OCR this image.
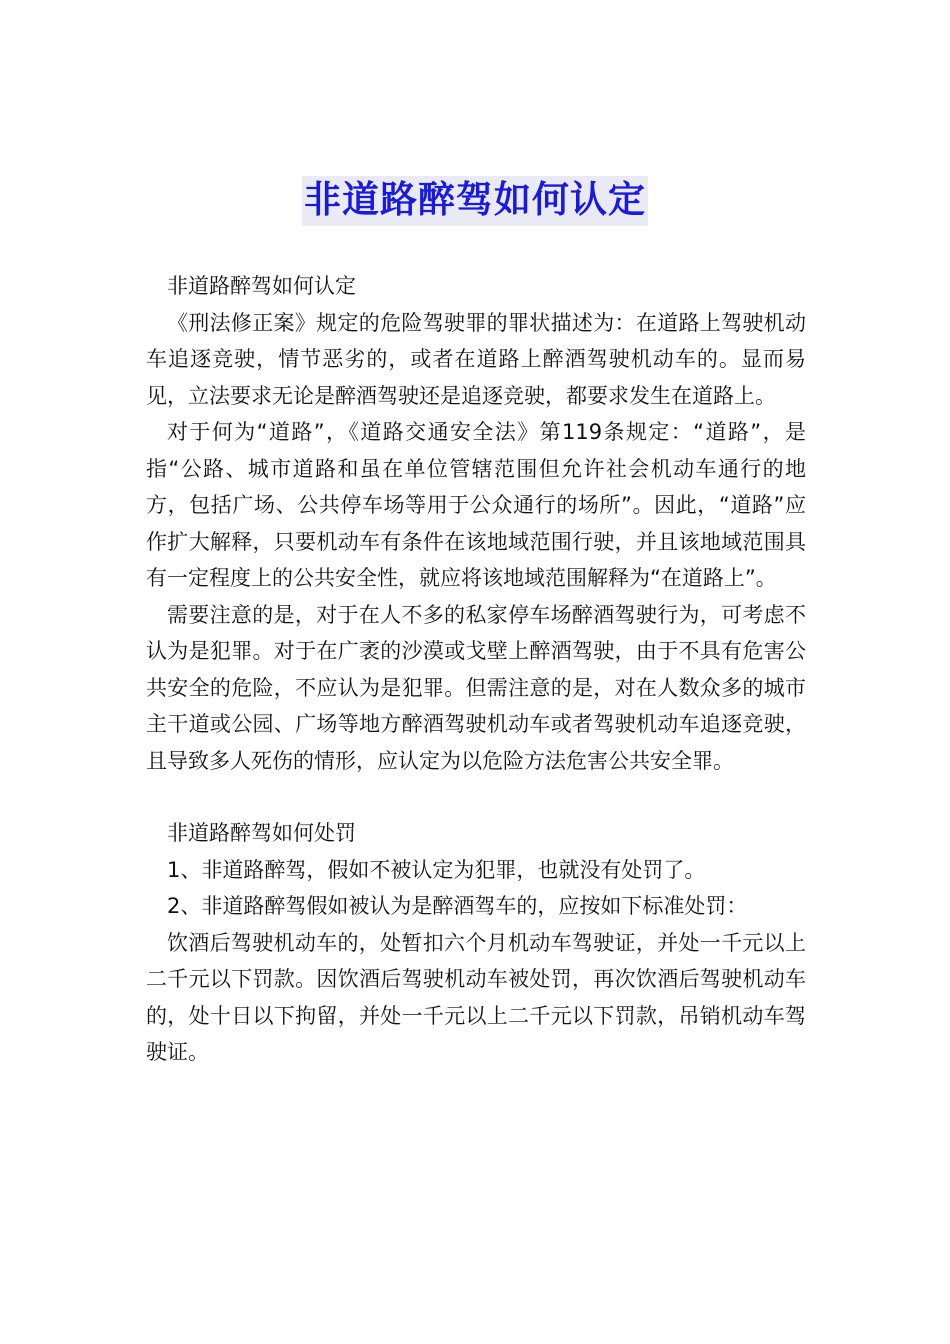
非道路醉驾如何认定

非道路醉驾如何认定

《刑法修正案》规定的危险驾驶罪的罪状描述为：在道路上驾驶机动车追逐竞驶，情节恶劣的，或者在道路上醉酒驾驶机动车的。显而易见，立法要求无论是醉酒驾驶还是追逐竞驶，都要求发生在道路上。

对于何为“道路”，《道路交通安全法》第119条规定：“道路”，是指“公路、城市道路和虽在单位管辖范围但允许社会机动车通行的地方，包括广场、公共停车场等用于公众通行的场所”。因此，“道路”应作扩大解释，只要机动车有条件在该地域范围行驶，并且该地域范围具有一定程度上的公共安全性，就应将该地域范围解释为“在道路上”。

需要注意的是，对于在人不多的私家停车场醉酒驾驶行为，可考虑不认为是犯罪。对于在广袤的沙漠或戈壁上醉酒驾驶，由于不具有危害公共安全的危险，不应认为是犯罪。但需注意的是，对在人数众多的城市主干道或公园、广场等地方醉酒驾驶机动车或者驾驶机动车追逐竞驶，且导致多人死伤的情形，应认定为以危险方法危害公共安全罪。

非道路醉驾如何处罚

1、非道路醉驾，假如不被认定为犯罪，也就没有处罚了。

2、非道路醉驾假如被认为是醉酒驾车的，应按如下标准处罚：

饮酒后驾驶机动车的，处暂扣六个月机动车驾驶证，并处一千元以上二千元以下罚款。因饮酒后驾驶机动车被处罚，再次饮酒后驾驶机动车的，处十日以下拘留，并处一千元以上二千元以下罚款，吊销机动车驾驶证。
